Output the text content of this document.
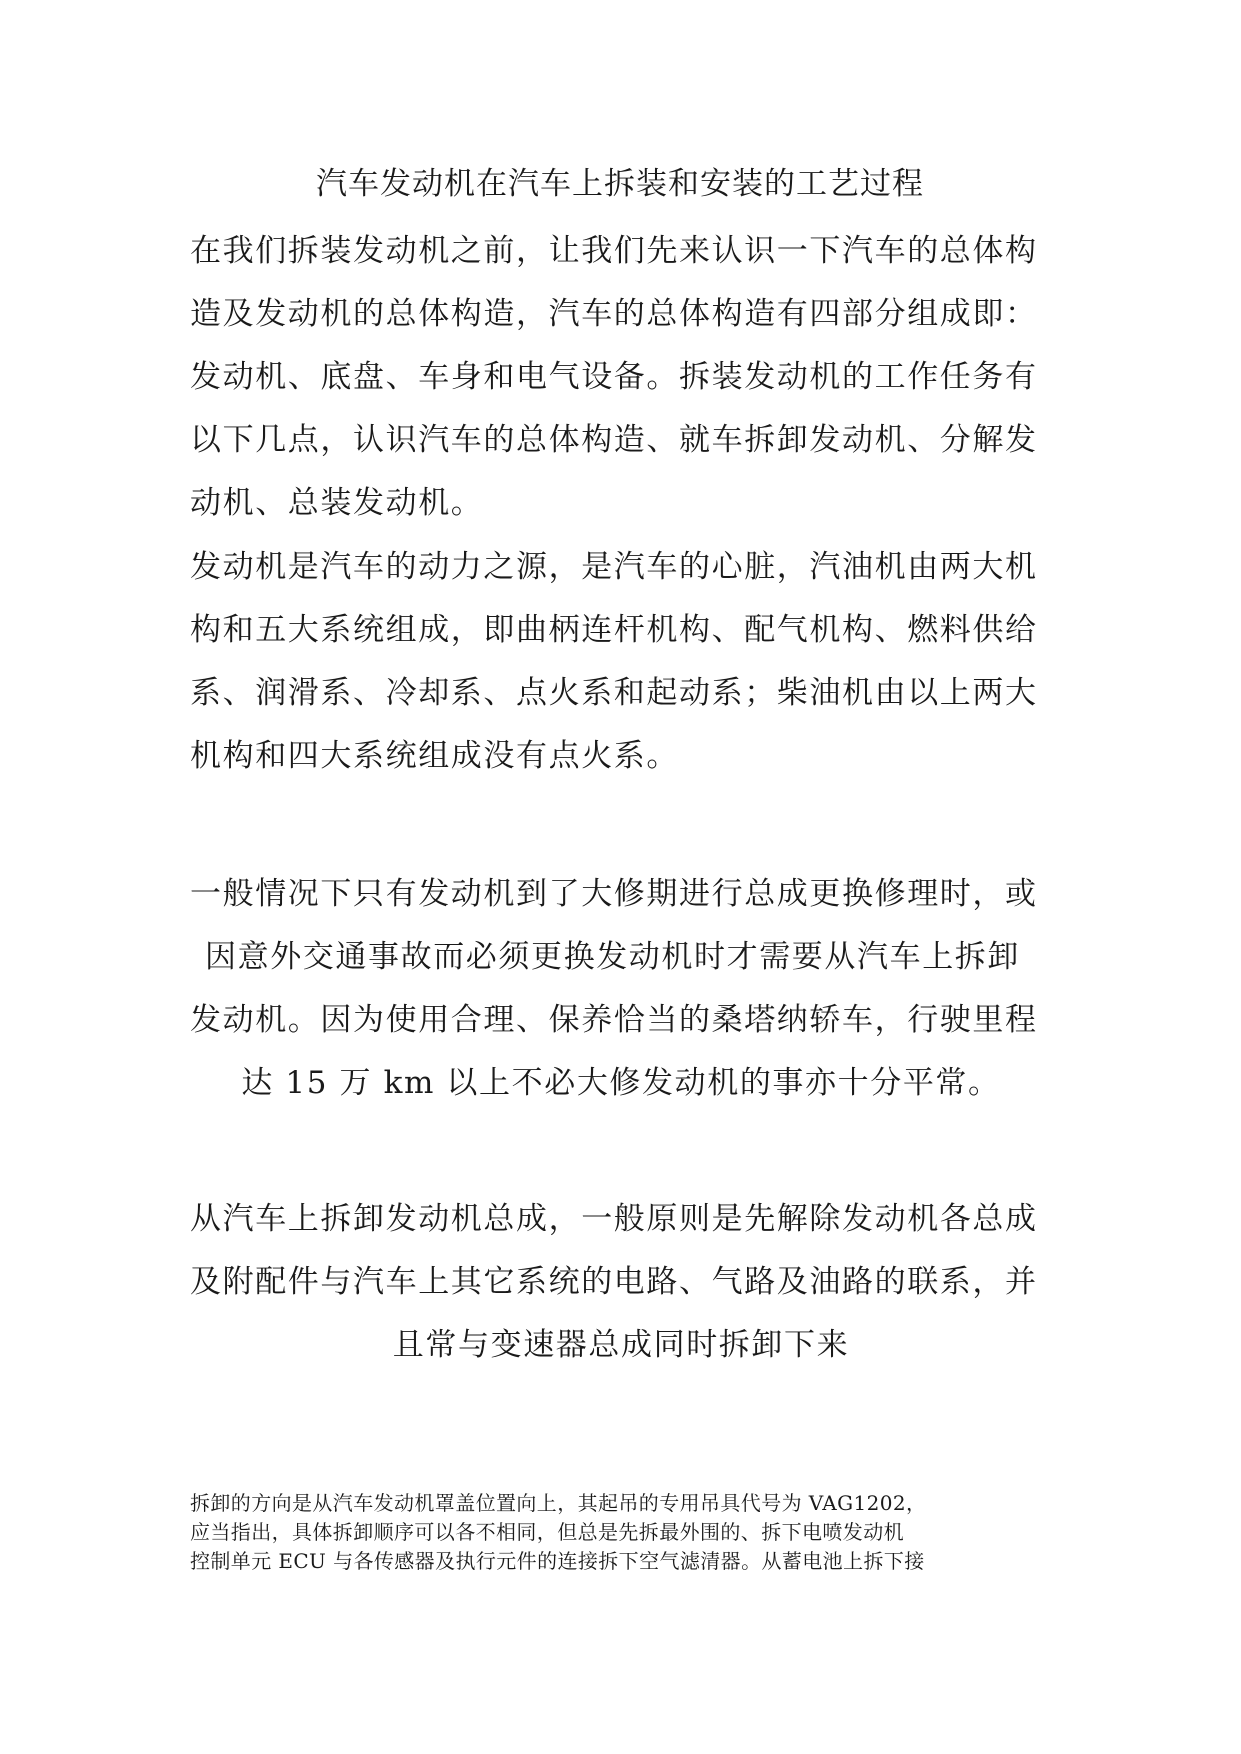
汽车发动机在汽车上拆装和安装的工艺过程
在我们拆装发动机之前，让我们先来认识一下汽车的总体构
造及发动机的总体构造，汽车的总体构造有四部分组成即：
发动机、底盘、车身和电气设备。拆装发动机的工作任务有
以下几点，认识汽车的总体构造、就车拆卸发动机、分解发
动机、总装发动机。
发动机是汽车的动力之源，是汽车的心脏，汽油机由两大机
构和五大系统组成，即曲柄连杆机构、配气机构、燃料供给
系、润滑系、冷却系、点火系和起动系；柴油机由以上两大
机构和四大系统组成没有点火系。
一般情况下只有发动机到了大修期进行总成更换修理时，或
因意外交通事故而必须更换发动机时才需要从汽车上拆卸
发动机。因为使用合理、保养恰当的桑塔纳轿车，行驶里程
达 15 万 km 以上不必大修发动机的事亦十分平常。
从汽车上拆卸发动机总成，一般原则是先解除发动机各总成
及附配件与汽车上其它系统的电路、气路及油路的联系，并
且常与变速器总成同时拆卸下来
拆卸的方向是从汽车发动机罩盖位置向上，其起吊的专用吊具代号为 VAG1202，
应当指出，具体拆卸顺序可以各不相同，但总是先拆最外围的、拆下电喷发动机
控制单元 ECU 与各传感器及执行元件的连接拆下空气滤清器。从蓄电池上拆下接
